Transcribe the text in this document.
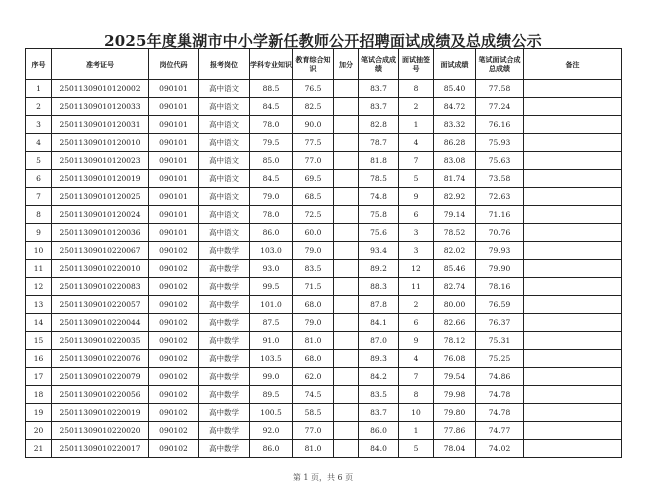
2025年度巢湖市中小学新任教师公开招聘面试成绩及总成绩公示
序号	准考证号	岗位代码	报考岗位	学科专业知识	教育综合知识	加分	笔试合成成绩	面试抽签号	面试成绩	笔试面试合成总成绩	备注
1	25011309010120002	090101	高中语文	88.5	76.5		83.7	8	85.40	77.58	
2	25011309010120033	090101	高中语文	84.5	82.5		83.7	2	84.72	77.24	
3	25011309010120031	090101	高中语文	78.0	90.0		82.8	1	83.32	76.16	
4	25011309010120010	090101	高中语文	79.5	77.5		78.7	4	86.28	75.93	
5	25011309010120023	090101	高中语文	85.0	77.0		81.8	7	83.08	75.63	
6	25011309010120019	090101	高中语文	84.5	69.5		78.5	5	81.74	73.58	
7	25011309010120025	090101	高中语文	79.0	68.5		74.8	9	82.92	72.63	
8	25011309010120024	090101	高中语文	78.0	72.5		75.8	6	79.14	71.16	
9	25011309010120036	090101	高中语文	86.0	60.0		75.6	3	78.52	70.76	
10	25011309010220067	090102	高中数学	103.0	79.0		93.4	3	82.02	79.93	
11	25011309010220010	090102	高中数学	93.0	83.5		89.2	12	85.46	79.90	
12	25011309010220083	090102	高中数学	99.5	71.5		88.3	11	82.74	78.16	
13	25011309010220057	090102	高中数学	101.0	68.0		87.8	2	80.00	76.59	
14	25011309010220044	090102	高中数学	87.5	79.0		84.1	6	82.66	76.37	
15	25011309010220035	090102	高中数学	91.0	81.0		87.0	9	78.12	75.31	
16	25011309010220076	090102	高中数学	103.5	68.0		89.3	4	76.08	75.25	
17	25011309010220079	090102	高中数学	99.0	62.0		84.2	7	79.54	74.86	
18	25011309010220056	090102	高中数学	89.5	74.5		83.5	8	79.98	74.78	
19	25011309010220019	090102	高中数学	100.5	58.5		83.7	10	79.80	74.78	
20	25011309010220020	090102	高中数学	92.0	77.0		86.0	1	77.86	74.77	
21	25011309010220017	090102	高中数学	86.0	81.0		84.0	5	78.04	74.02	
第 1 页，共 6 页
